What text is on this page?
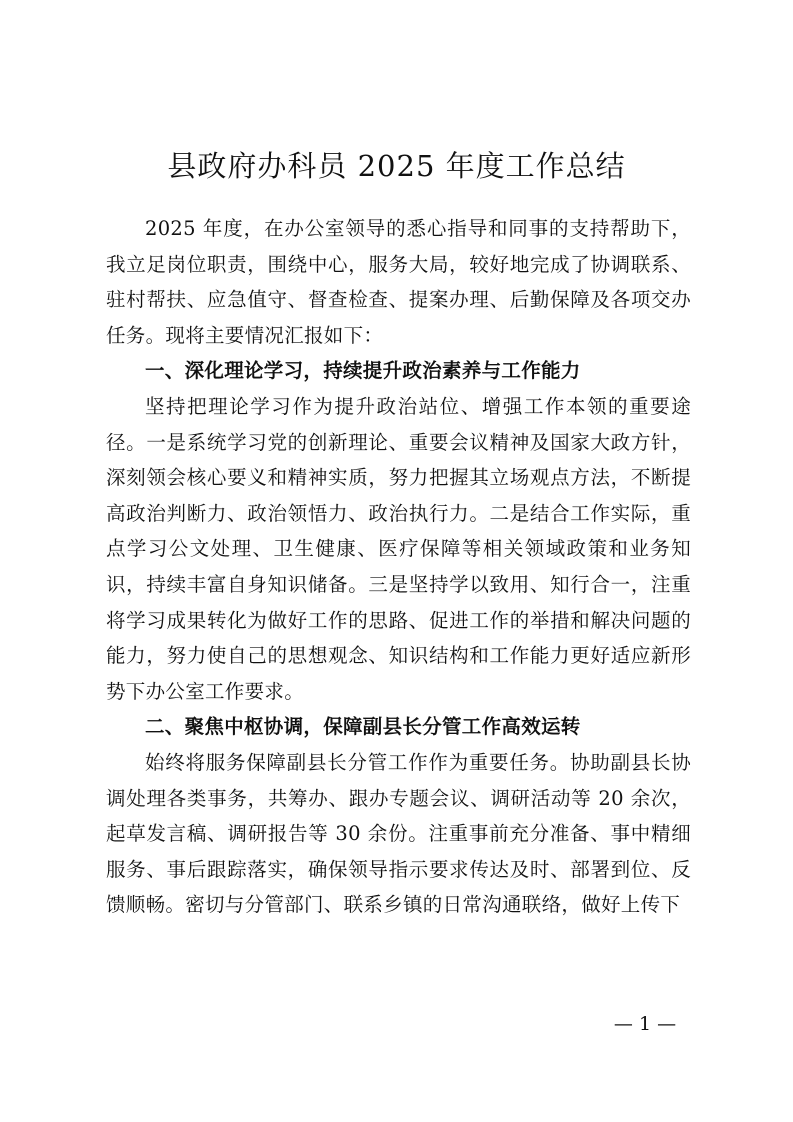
县政府办科员 2025 年度工作总结

2025 年度，在办公室领导的悉心指导和同事的支持帮助下，我立足岗位职责，围绕中心，服务大局，较好地完成了协调联系、驻村帮扶、应急值守、督查检查、提案办理、后勤保障及各项交办任务。现将主要情况汇报如下：

一、深化理论学习，持续提升政治素养与工作能力

坚持把理论学习作为提升政治站位、增强工作本领的重要途径。一是系统学习党的创新理论、重要会议精神及国家大政方针，深刻领会核心要义和精神实质，努力把握其立场观点方法，不断提高政治判断力、政治领悟力、政治执行力。二是结合工作实际，重点学习公文处理、卫生健康、医疗保障等相关领域政策和业务知识，持续丰富自身知识储备。三是坚持学以致用、知行合一，注重将学习成果转化为做好工作的思路、促进工作的举措和解决问题的能力，努力使自己的思想观念、知识结构和工作能力更好适应新形势下办公室工作要求。

二、聚焦中枢协调，保障副县长分管工作高效运转

始终将服务保障副县长分管工作作为重要任务。协助副县长协调处理各类事务，共筹办、跟办专题会议、调研活动等 20 余次，起草发言稿、调研报告等 30 余份。注重事前充分准备、事中精细服务、事后跟踪落实，确保领导指示要求传达及时、部署到位、反馈顺畅。密切与分管部门、联系乡镇的日常沟通联络，做好上传下

— 1 —
